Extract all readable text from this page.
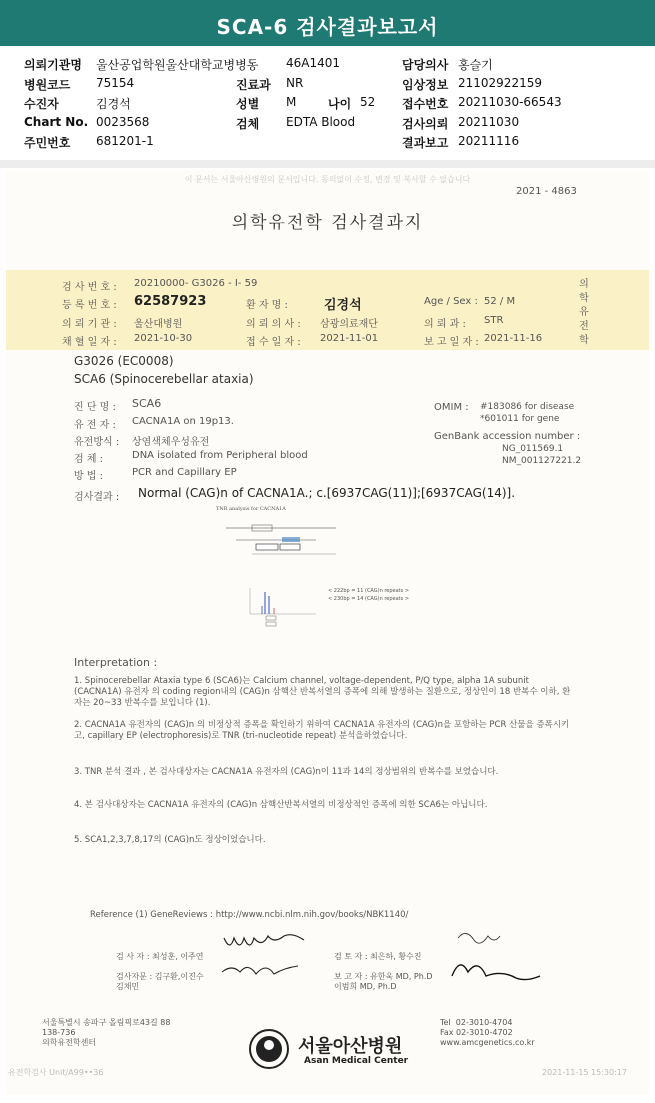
SCA-6 검사결과보고서
의뢰기관명 울산공업학원울산대학교병병동 46A1401	담당의사 홍슬기
병원코드 75154	진료과 NR	임상정보 21102922159
수진자	김경석	성별 M	나이 52 접수번호 20211030-66543
Chart No. 0023568	검체 EDTA Blood	검사의뢰 20211030
주민번호 681201-1	결과보고 20211116
이 문서는 서울아산병원의 문서입니다. 동의없이 수정, 변경 및 복사할 수 없습니다
2021 - 4863
의학유전학 검사결과지
검 사 번 호 : 20210000- G3026 - I- 59
등 록 번 호 : 62587923	환 자 명 :	김경석	Age / Sex : 52 / M
의 뢰 기 관 : 울산대병원	의 뢰 의 사 : 삼광의료재단	의 뢰 과 : STR
채 혈 일 자 : 2021-10-30	접 수 일 자 : 2021-11-01	보 고 일 자 : 2021-11-16
의학유전학
G3026 (EC0008)
SCA6 (Spinocerebellar ataxia)
진 단 명 : SCA6
유 전 자 : CACNA1A on 19p13.
유전방식 : 상염색체우성유전
검 체 :	DNA isolated from Peripheral blood
방 법 :	PCR and Capillary EP
OMIM : #183086 for disease
*601011 for gene
GenBank accession number :
NG_011569.1
NM_001127221.2
검사결과 : Normal (CAG)n of CACNA1A.; c.[6937CAG(11)];[6937CAG(14)].
TNR analysis for CACNA1A
< 222bp = 11 (CAG)n repeats >
< 230bp = 14 (CAG)n repeats >
Interpretation :
1. Spinocerebellar Ataxia type 6 (SCA6)는 Calcium channel, voltage-dependent, P/Q type, alpha 1A subunit (CACNA1A) 유전자 의 coding region내의 (CAG)n 삼핵산 반복서열의 증폭에 의해 발생하는 질환으로, 정상인이 18 반복수 이하, 환자는 20~33 반복수를 보입니다 (1).
2. CACNA1A 유전자의 (CAG)n 의 비정상적 증폭을 확인하기 위하여 CACNA1A 유전자의 (CAG)n을 포함하는 PCR 산물을 증폭시키고, capillary EP (electrophoresis)로 TNR (tri-nucleotide repeat) 분석을하였습니다.
3. TNR 분석 결과 , 본 검사대상자는 CACNA1A 유전자의 (CAG)n이 11과 14의 정상범위의 반복수를 보였습니다.
4. 본 검사대상자는 CACNA1A 유전자의 (CAG)n 삼핵산반복서열의 비정상적인 증폭에 의한 SCA6는 아닙니다.
5. SCA1,2,3,7,8,17의 (CAG)n도 정상이었습니다.
Reference (1) GeneReviews : http://www.ncbi.nlm.nih.gov/books/NBK1140/
검 사 자 : 최성훈, 이주연	검 토 자 : 최은하, 황수진
검사자문 : 김구환,이진수
김채민
보 고 자 : 유한욱 MD, Ph.D
이범희 MD, Ph.D
서울특별시 송파구 올림픽로43길 88
138-736
의학유전학센터
Tel  02-3010-4704
Fax 02-3010-4702
www.amcgenetics.co.kr
서울아산병원
Asan Medical Center
유전학검사 Unit/A99••36	2021-11-15 15:30:17
